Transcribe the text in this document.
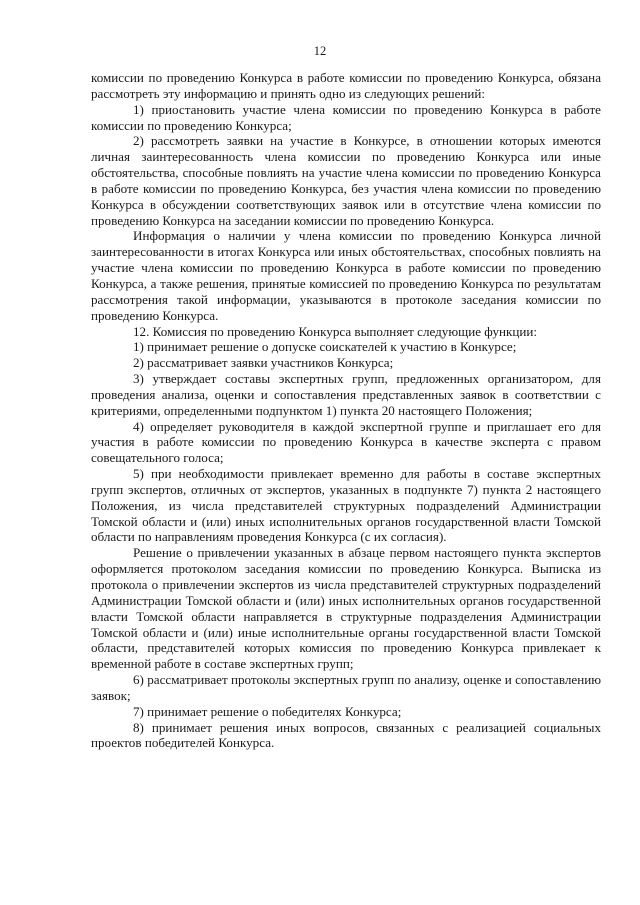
12

комиссии по проведению Конкурса в работе комиссии по проведению Конкурса, обязана рассмотреть эту информацию и принять одно из следующих решений:

1) приостановить участие члена комиссии по проведению Конкурса в работе комиссии по проведению Конкурса;

2) рассмотреть заявки на участие в Конкурсе, в отношении которых имеются личная заинтересованность члена комиссии по проведению Конкурса или иные обстоятельства, способные повлиять на участие члена комиссии по проведению Конкурса в работе комиссии по проведению Конкурса, без участия члена комиссии по проведению Конкурса в обсуждении соответствующих заявок или в отсутствие члена комиссии по проведению Конкурса на заседании комиссии по проведению Конкурса.

Информация о наличии у члена комиссии по проведению Конкурса личной заинтересованности в итогах Конкурса или иных обстоятельствах, способных повлиять на участие члена комиссии по проведению Конкурса в работе комиссии по проведению Конкурса, а также решения, принятые комиссией по проведению Конкурса по результатам рассмотрения такой информации, указываются в протоколе заседания комиссии по проведению Конкурса.

12. Комиссия по проведению Конкурса выполняет следующие функции:

1) принимает решение о допуске соискателей к участию в Конкурсе;

2) рассматривает заявки участников Конкурса;

3) утверждает составы экспертных групп, предложенных организатором, для проведения анализа, оценки и сопоставления представленных заявок в соответствии с критериями, определенными подпунктом 1) пункта 20 настоящего Положения;

4) определяет руководителя в каждой экспертной группе и приглашает его для участия в работе комиссии по проведению Конкурса в качестве эксперта с правом совещательного голоса;

5) при необходимости привлекает временно для работы в составе экспертных групп экспертов, отличных от экспертов, указанных в подпункте 7) пункта 2 настоящего Положения, из числа представителей структурных подразделений Администрации Томской области и (или) иных исполнительных органов государственной власти Томской области по направлениям проведения Конкурса (с их согласия).

Решение о привлечении указанных в абзаце первом настоящего пункта экспертов оформляется протоколом заседания комиссии по проведению Конкурса. Выписка из протокола о привлечении экспертов из числа представителей структурных подразделений Администрации Томской области и (или) иных исполнительных органов государственной власти Томской области направляется в структурные подразделения Администрации Томской области и (или) иные исполнительные органы государственной власти Томской области, представителей которых комиссия по проведению Конкурса привлекает к временной работе в составе экспертных групп;

6) рассматривает протоколы экспертных групп по анализу, оценке и сопоставлению заявок;

7) принимает решение о победителях Конкурса;

8) принимает решения иных вопросов, связанных с реализацией социальных проектов победителей Конкурса.
